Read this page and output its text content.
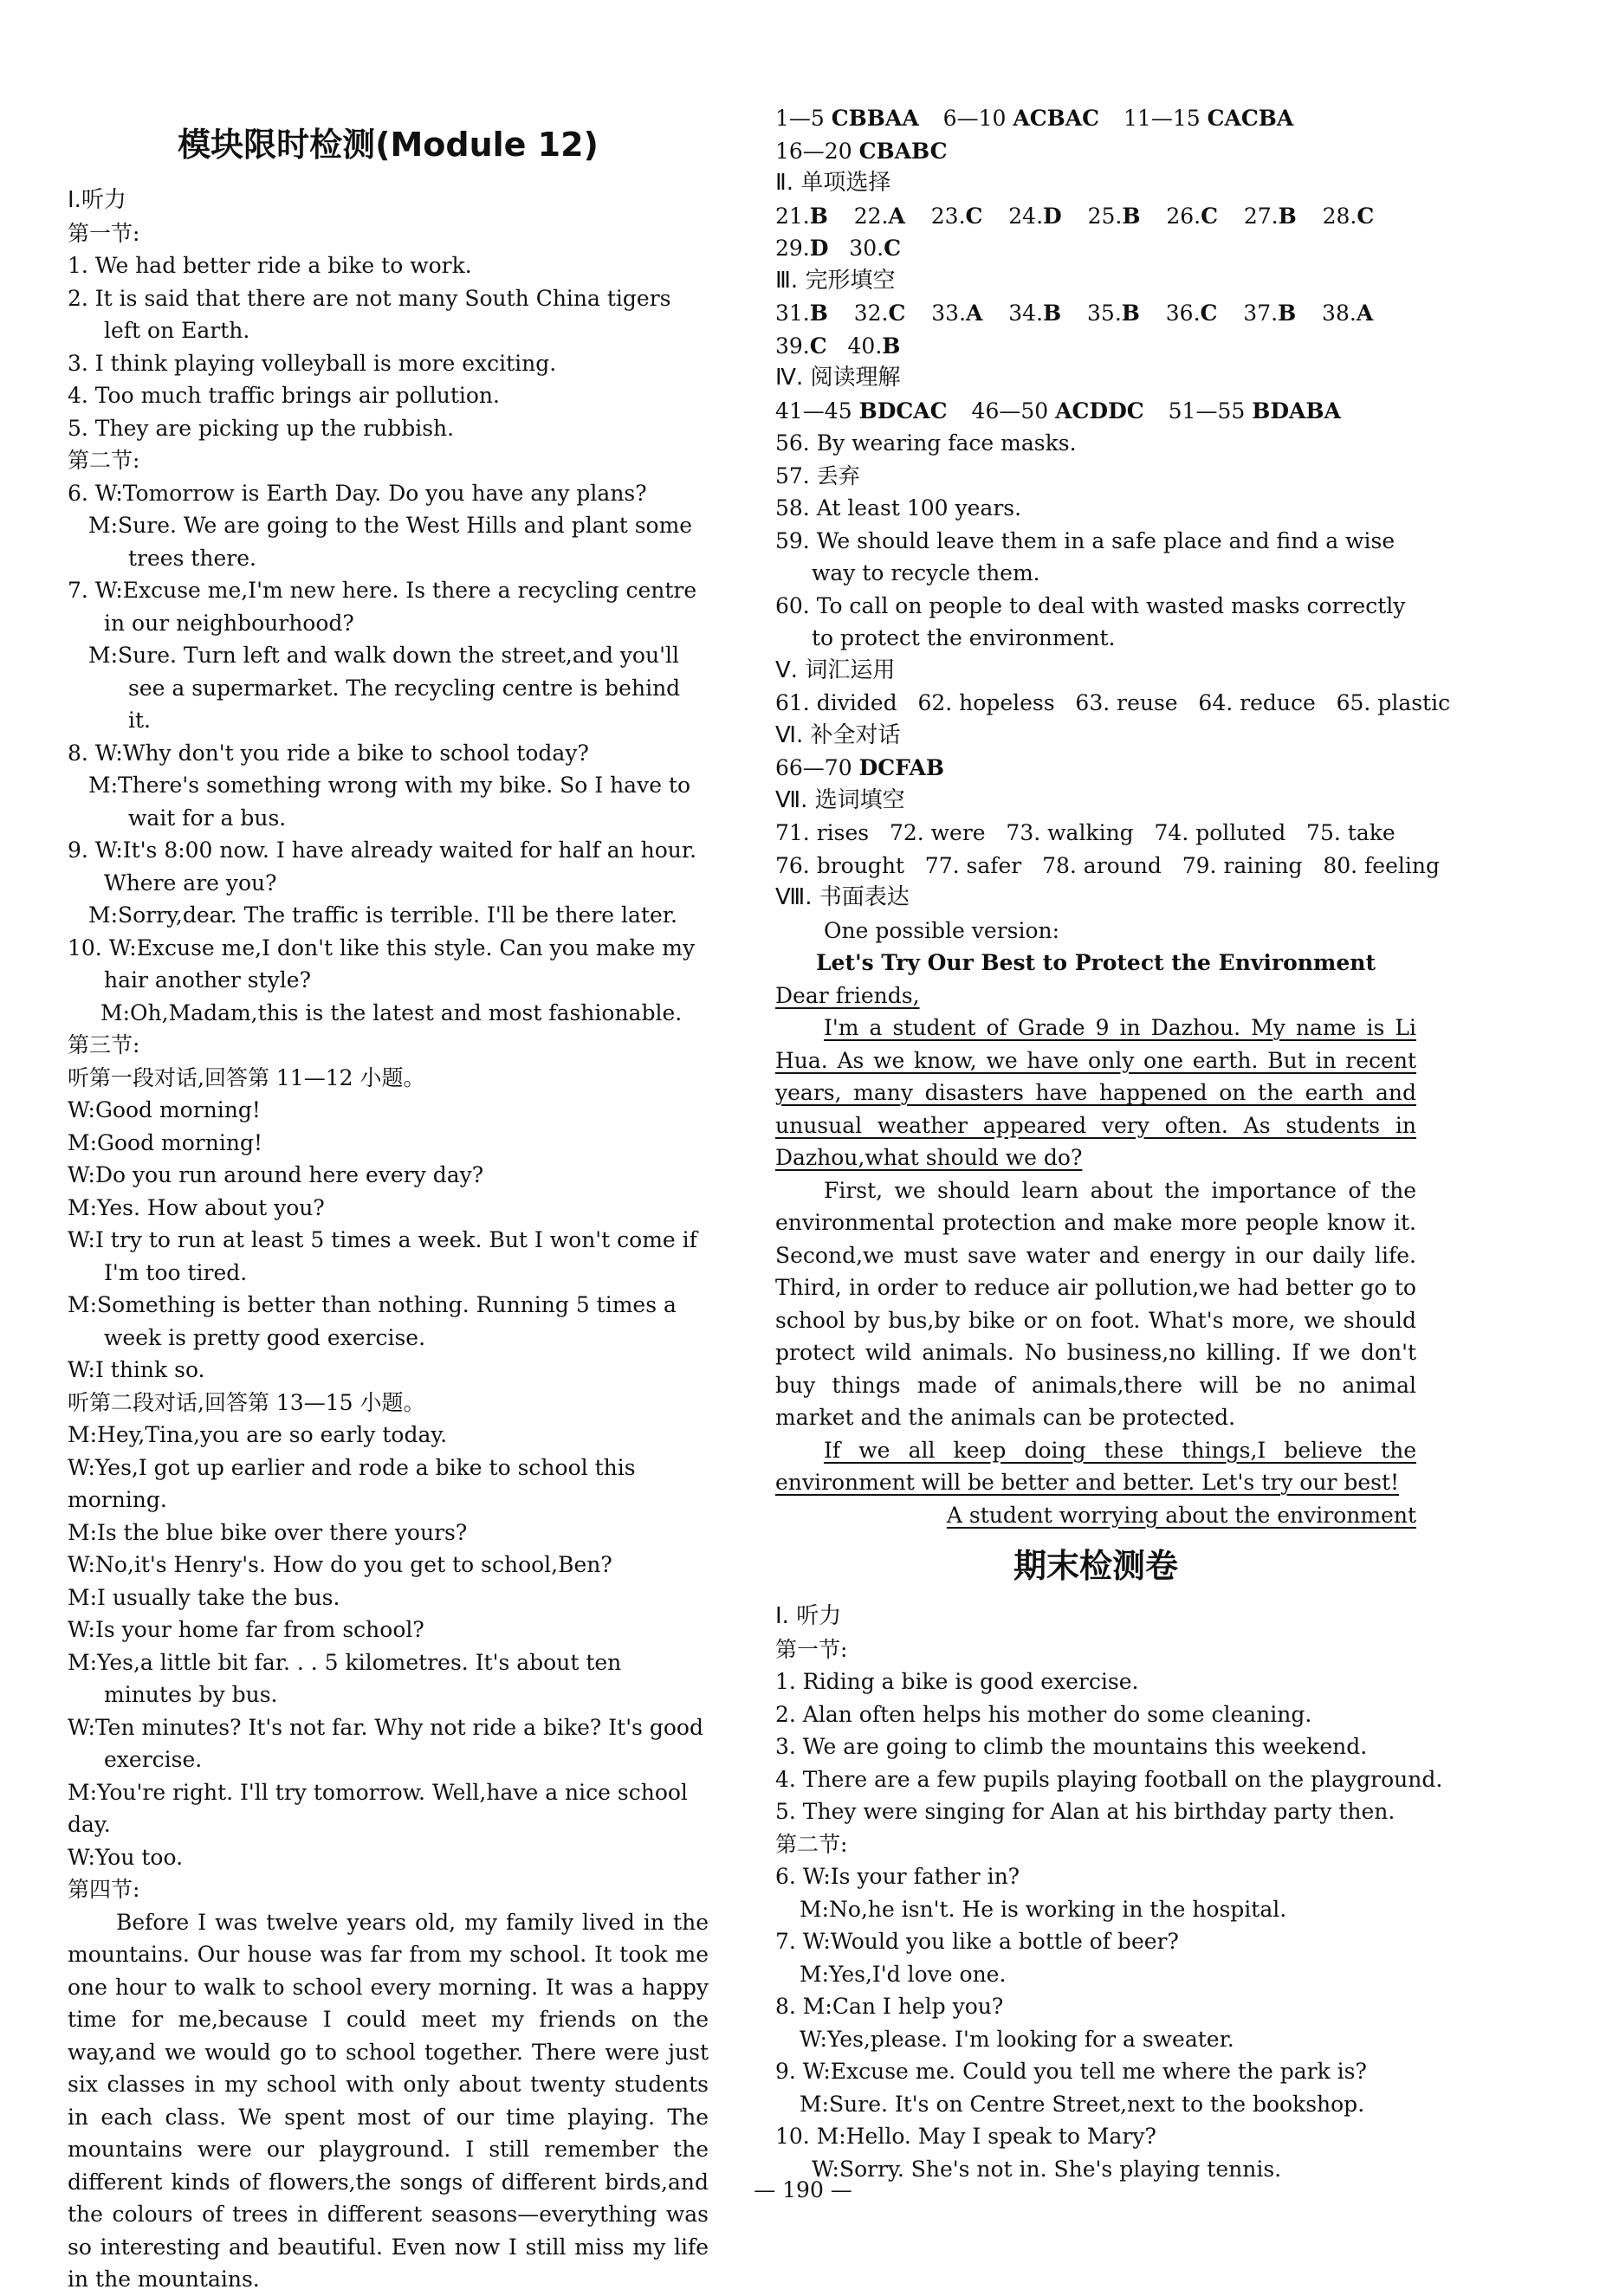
模块限时检测(Module 12)
Ⅰ.听力
第一节:
1. We had better ride a bike to work.
2. It is said that there are not many South China tigers left on Earth.
3. I think playing volleyball is more exciting.
4. Too much traffic brings air pollution.
5. They are picking up the rubbish.
第二节:
6. W:Tomorrow is Earth Day. Do you have any plans?
M:Sure. We are going to the West Hills and plant some trees there.
7. W:Excuse me,I'm new here. Is there a recycling centre in our neighbourhood?
M:Sure. Turn left and walk down the street,and you'll see a supermarket. The recycling centre is behind it.
8. W:Why don't you ride a bike to school today?
M:There's something wrong with my bike. So I have to wait for a bus.
9. W:It's 8:00 now. I have already waited for half an hour. Where are you?
M:Sorry,dear. The traffic is terrible. I'll be there later.
10. W:Excuse me,I don't like this style. Can you make my hair another style?
M:Oh,Madam,this is the latest and most fashionable.
第三节:
听第一段对话,回答第 11—12 小题。
W:Good morning!
M:Good morning!
W:Do you run around here every day?
M:Yes. How about you?
W:I try to run at least 5 times a week. But I won't come if I'm too tired.
M:Something is better than nothing. Running 5 times a week is pretty good exercise.
W:I think so.
听第二段对话,回答第 13—15 小题。
M:Hey,Tina,you are so early today.
W:Yes,I got up earlier and rode a bike to school this morning.
M:Is the blue bike over there yours?
W:No,it's Henry's. How do you get to school,Ben?
M:I usually take the bus.
W:Is your home far from school?
M:Yes,a little bit far. . . 5 kilometres. It's about ten minutes by bus.
W:Ten minutes? It's not far. Why not ride a bike? It's good exercise.
M:You're right. I'll try tomorrow. Well,have a nice school day.
W:You too.
第四节:
Before I was twelve years old, my family lived in the mountains. Our house was far from my school. It took me one hour to walk to school every morning. It was a happy time for me,because I could meet my friends on the way,and we would go to school together. There were just six classes in my school with only about twenty students in each class. We spent most of our time playing. The mountains were our playground. I still remember the different kinds of flowers,the songs of different birds,and the colours of trees in different seasons—everything was so interesting and beautiful. Even now I still miss my life in the mountains.
1—5 CBBAA 6—10 ACBAC 11—15 CACBA
16—20 CBABC
Ⅱ. 单项选择
21.B 22.A 23.C 24.D 25.B 26.C 27.B 28.C
29.D 30.C
Ⅲ. 完形填空
31.B 32.C 33.A 34.B 35.B 36.C 37.B 38.A
39.C 40.B
Ⅳ. 阅读理解
41—45 BDCAC 46—50 ACDDC 51—55 BDABA
56. By wearing face masks.
57. 丢弃
58. At least 100 years.
59. We should leave them in a safe place and find a wise way to recycle them.
60. To call on people to deal with wasted masks correctly to protect the environment.
Ⅴ. 词汇运用
61. divided   62. hopeless   63. reuse   64. reduce   65. plastic
Ⅵ. 补全对话
66—70 DCFAB
Ⅶ. 选词填空
71. rises   72. were   73. walking   74. polluted   75. take
76. brought   77. safer   78. around   79. raining   80. feeling
Ⅷ. 书面表达
One possible version:
Let's Try Our Best to Protect the Environment
Dear friends,
I'm a student of Grade 9 in Dazhou. My name is Li Hua. As we know, we have only one earth. But in recent years, many disasters have happened on the earth and unusual weather appeared very often. As students in Dazhou,what should we do?
First, we should learn about the importance of the environmental protection and make more people know it. Second,we must save water and energy in our daily life. Third, in order to reduce air pollution,we had better go to school by bus,by bike or on foot. What's more, we should protect wild animals. No business,no killing. If we don't buy things made of animals,there will be no animal market and the animals can be protected.
If we all keep doing these things,I believe the environment will be better and better. Let's try our best!
A student worrying about the environment
期末检测卷
Ⅰ. 听力
第一节:
1. Riding a bike is good exercise.
2. Alan often helps his mother do some cleaning.
3. We are going to climb the mountains this weekend.
4. There are a few pupils playing football on the playground.
5. They were singing for Alan at his birthday party then.
第二节:
6. W:Is your father in?
M:No,he isn't. He is working in the hospital.
7. W:Would you like a bottle of beer?
M:Yes,I'd love one.
8. M:Can I help you?
W:Yes,please. I'm looking for a sweater.
9. W:Excuse me. Could you tell me where the park is?
M:Sure. It's on Centre Street,next to the bookshop.
10. M:Hello. May I speak to Mary?
W:Sorry. She's not in. She's playing tennis.
— 190 —
